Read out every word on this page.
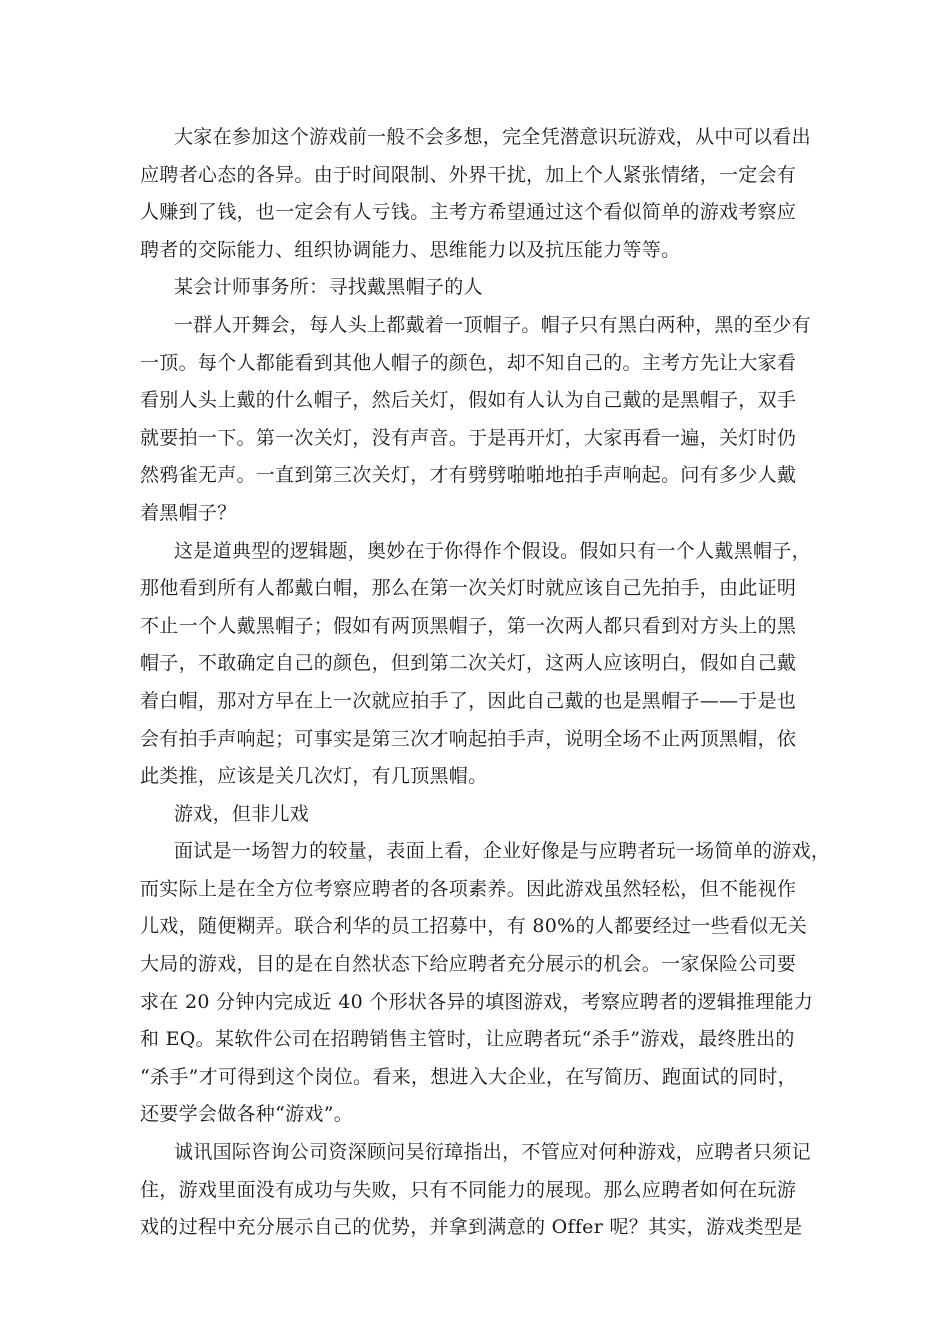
大家在参加这个游戏前一般不会多想，完全凭潜意识玩游戏，从中可以看出
应聘者心态的各异。由于时间限制、外界干扰，加上个人紧张情绪，一定会有
人赚到了钱，也一定会有人亏钱。主考方希望通过这个看似简单的游戏考察应
聘者的交际能力、组织协调能力、思维能力以及抗压能力等等。
某会计师事务所：寻找戴黑帽子的人
一群人开舞会，每人头上都戴着一顶帽子。帽子只有黑白两种，黑的至少有
一顶。每个人都能看到其他人帽子的颜色，却不知自己的。主考方先让大家看
看别人头上戴的什么帽子，然后关灯，假如有人认为自己戴的是黑帽子，双手
就要拍一下。第一次关灯，没有声音。于是再开灯，大家再看一遍，关灯时仍
然鸦雀无声。一直到第三次关灯，才有劈劈啪啪地拍手声响起。问有多少人戴
着黑帽子？
这是道典型的逻辑题，奥妙在于你得作个假设。假如只有一个人戴黑帽子，
那他看到所有人都戴白帽，那么在第一次关灯时就应该自己先拍手，由此证明
不止一个人戴黑帽子；假如有两顶黑帽子，第一次两人都只看到对方头上的黑
帽子，不敢确定自己的颜色，但到第二次关灯，这两人应该明白，假如自己戴
着白帽，那对方早在上一次就应拍手了，因此自己戴的也是黑帽子——于是也
会有拍手声响起；可事实是第三次才响起拍手声，说明全场不止两顶黑帽，依
此类推，应该是关几次灯，有几顶黑帽。
游戏，但非儿戏
面试是一场智力的较量，表面上看，企业好像是与应聘者玩一场简单的游戏，
而实际上是在全方位考察应聘者的各项素养。因此游戏虽然轻松，但不能视作
儿戏，随便糊弄。联合利华的员工招募中，有 80%的人都要经过一些看似无关
大局的游戏，目的是在自然状态下给应聘者充分展示的机会。一家保险公司要
求在 20 分钟内完成近 40 个形状各异的填图游戏，考察应聘者的逻辑推理能力
和 EQ。某软件公司在招聘销售主管时，让应聘者玩“杀手”游戏，最终胜出的
“杀手”才可得到这个岗位。看来，想进入大企业，在写简历、跑面试的同时，
还要学会做各种“游戏”。
诚讯国际咨询公司资深顾问吴衍璋指出，不管应对何种游戏，应聘者只须记
住，游戏里面没有成功与失败，只有不同能力的展现。那么应聘者如何在玩游
戏的过程中充分展示自己的优势，并拿到满意的 Offer 呢？其实，游戏类型是
